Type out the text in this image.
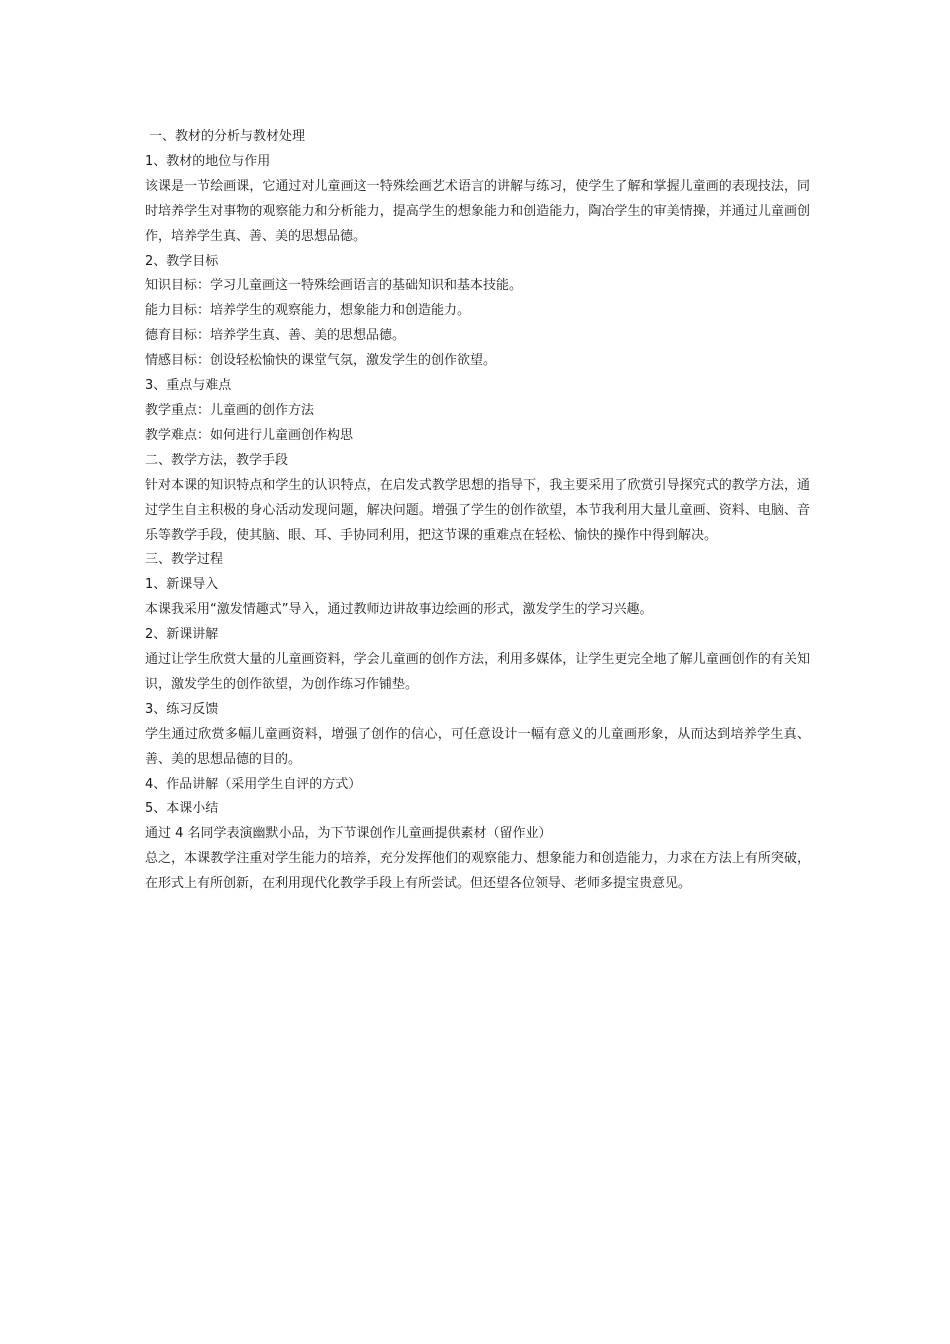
一、教材的分析与教材处理

1、教材的地位与作用

该课是一节绘画课，它通过对儿童画这一特殊绘画艺术语言的讲解与练习，使学生了解和掌握儿童画的表现技法，同时培养学生对事物的观察能力和分析能力，提高学生的想象能力和创造能力，陶冶学生的审美情操，并通过儿童画创作，培养学生真、善、美的思想品德。

2、教学目标

知识目标：学习儿童画这一特殊绘画语言的基础知识和基本技能。

能力目标：培养学生的观察能力，想象能力和创造能力。

德育目标：培养学生真、善、美的思想品德。

情感目标：创设轻松愉快的课堂气氛，激发学生的创作欲望。

3、重点与难点

教学重点：儿童画的创作方法

教学难点：如何进行儿童画创作构思

二、教学方法，教学手段

针对本课的知识特点和学生的认识特点，在启发式教学思想的指导下，我主要采用了欣赏引导探究式的教学方法，通过学生自主积极的身心活动发现问题，解决问题。增强了学生的创作欲望，本节我利用大量儿童画、资料、电脑、音乐等教学手段，使其脑、眼、耳、手协同利用，把这节课的重难点在轻松、愉快的操作中得到解决。

三、教学过程

1、新课导入

本课我采用“激发情趣式”导入，通过教师边讲故事边绘画的形式，激发学生的学习兴趣。

2、新课讲解

通过让学生欣赏大量的儿童画资料，学会儿童画的创作方法，利用多媒体，让学生更完全地了解儿童画创作的有关知识，激发学生的创作欲望，为创作练习作铺垫。

3、练习反馈

学生通过欣赏多幅儿童画资料，增强了创作的信心，可任意设计一幅有意义的儿童画形象，从而达到培养学生真、善、美的思想品德的目的。

4、作品讲解（采用学生自评的方式）

5、本课小结

通过 4 名同学表演幽默小品，为下节课创作儿童画提供素材（留作业）

总之，本课教学注重对学生能力的培养，充分发挥他们的观察能力、想象能力和创造能力，力求在方法上有所突破，在形式上有所创新，在利用现代化教学手段上有所尝试。但还望各位领导、老师多提宝贵意见。
